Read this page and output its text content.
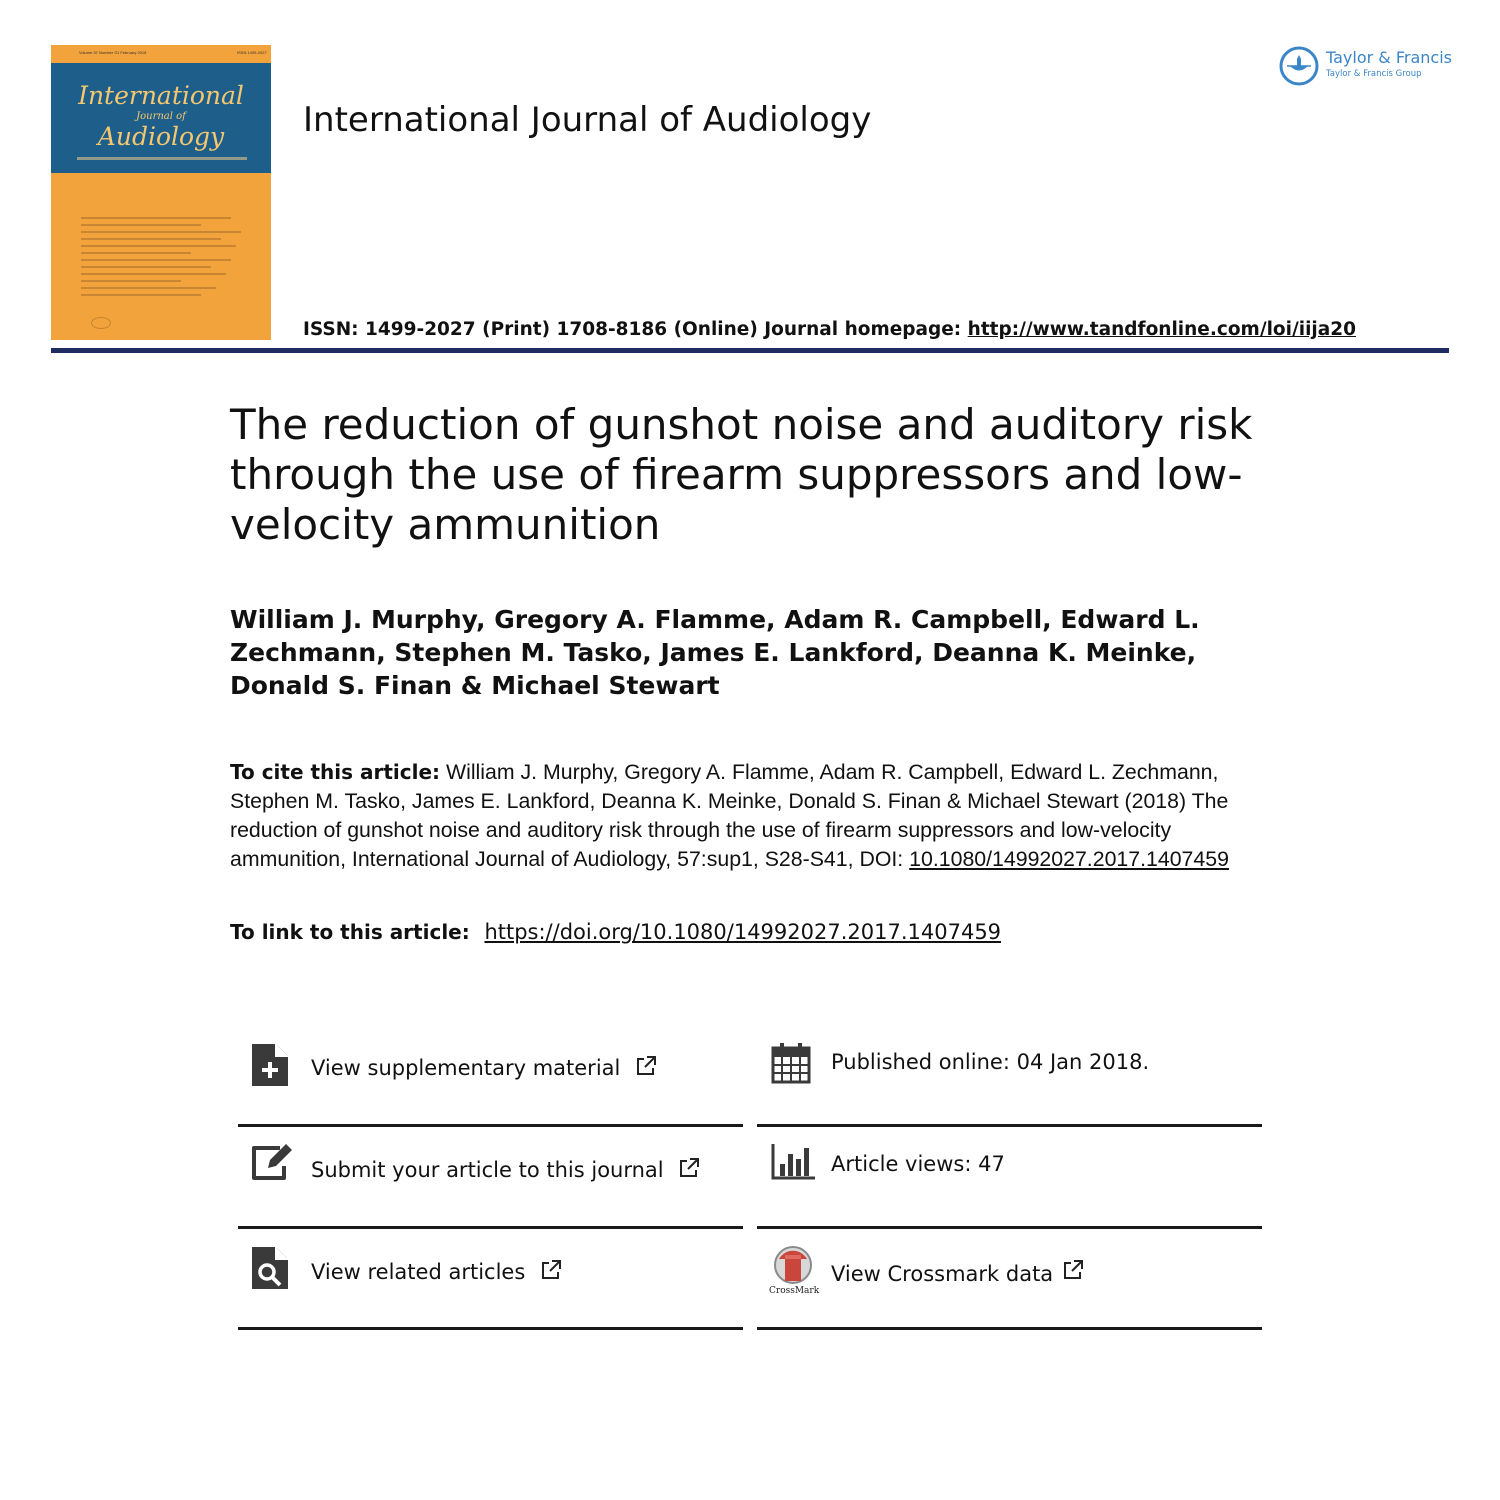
Volume 57 Number S1 February 2018	ISSN 1499-2027
International
Journal of
Audiology	International Journal of Audiology
ISSN: 1499-2027 (Print) 1708-8186 (Online) Journal homepage: http://www.tandfonline.com/loi/iija20
Taylor & Francis
Taylor & Francis Group
The reduction of gunshot noise and auditory risk through the use of firearm suppressors and low-velocity ammunition
William J. Murphy, Gregory A. Flamme, Adam R. Campbell, Edward L. Zechmann, Stephen M. Tasko, James E. Lankford, Deanna K. Meinke, Donald S. Finan & Michael Stewart
To cite this article: William J. Murphy, Gregory A. Flamme, Adam R. Campbell, Edward L. Zechmann, Stephen M. Tasko, James E. Lankford, Deanna K. Meinke, Donald S. Finan & Michael Stewart (2018) The reduction of gunshot noise and auditory risk through the use of firearm suppressors and low-velocity ammunition, International Journal of Audiology, 57:sup1, S28-S41, DOI: 10.1080/14992027.2017.1407459
To link to this article: https://doi.org/10.1080/14992027.2017.1407459
View supplementary material
Submit your article to this journal
View related articles
Published online: 04 Jan 2018.
Article views: 47
CrossMark
View Crossmark data
